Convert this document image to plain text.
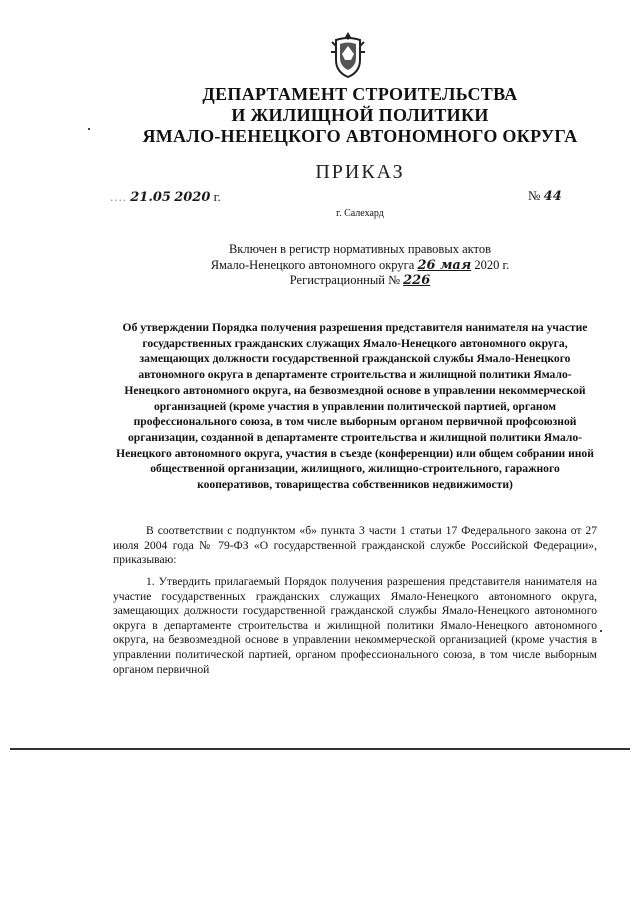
ДЕПАРТАМЕНТ СТРОИТЕЛЬСТВА
И ЖИЛИЩНОЙ ПОЛИТИКИ
ЯМАЛО-НЕНЕЦКОГО АВТОНОМНОГО ОКРУГА
ПРИКАЗ
.... 21.05 2020 г.	№ 44
г. Салехард
Включен в регистр нормативных правовых актов
Ямало-Ненецкого автономного округа 26 мая 2020 г.
Регистрационный № 226
Об утверждении Порядка получения разрешения представителя нанимателя на участие государственных гражданских служащих Ямало-Ненецкого автономного округа, замещающих должности государственной гражданской службы Ямало-Ненецкого автономного округа в департаменте строительства и жилищной политики Ямало-Ненецкого автономного округа, на безвозмездной основе в управлении некоммерческой организацией (кроме участия в управлении политической партией, органом профессионального союза, в том числе выборным органом первичной профсоюзной организации, созданной в департаменте строительства и жилищной политики Ямало-Ненецкого автономного округа, участия в съезде (конференции) или общем собрании иной общественной организации, жилищного, жилищно-строительного, гаражного кооперативов, товарищества собственников недвижимости)
В соответствии с подпунктом «б» пункта 3 части 1 статьи 17 Федерального закона от 27 июля 2004 года № 79-ФЗ «О государственной гражданской службе Российской Федерации», приказываю:
1. Утвердить прилагаемый Порядок получения разрешения представителя нанимателя на участие государственных гражданских служащих Ямало-Ненецкого автономного округа, замещающих должности государственной гражданской службы Ямало-Ненецкого автономного округа в департаменте строительства и жилищной политики Ямало-Ненецкого автономного округа, на безвозмездной основе в управлении некоммерческой организацией (кроме участия в управлении политической партией, органом профессионального союза, в том числе выборным органом первичной
